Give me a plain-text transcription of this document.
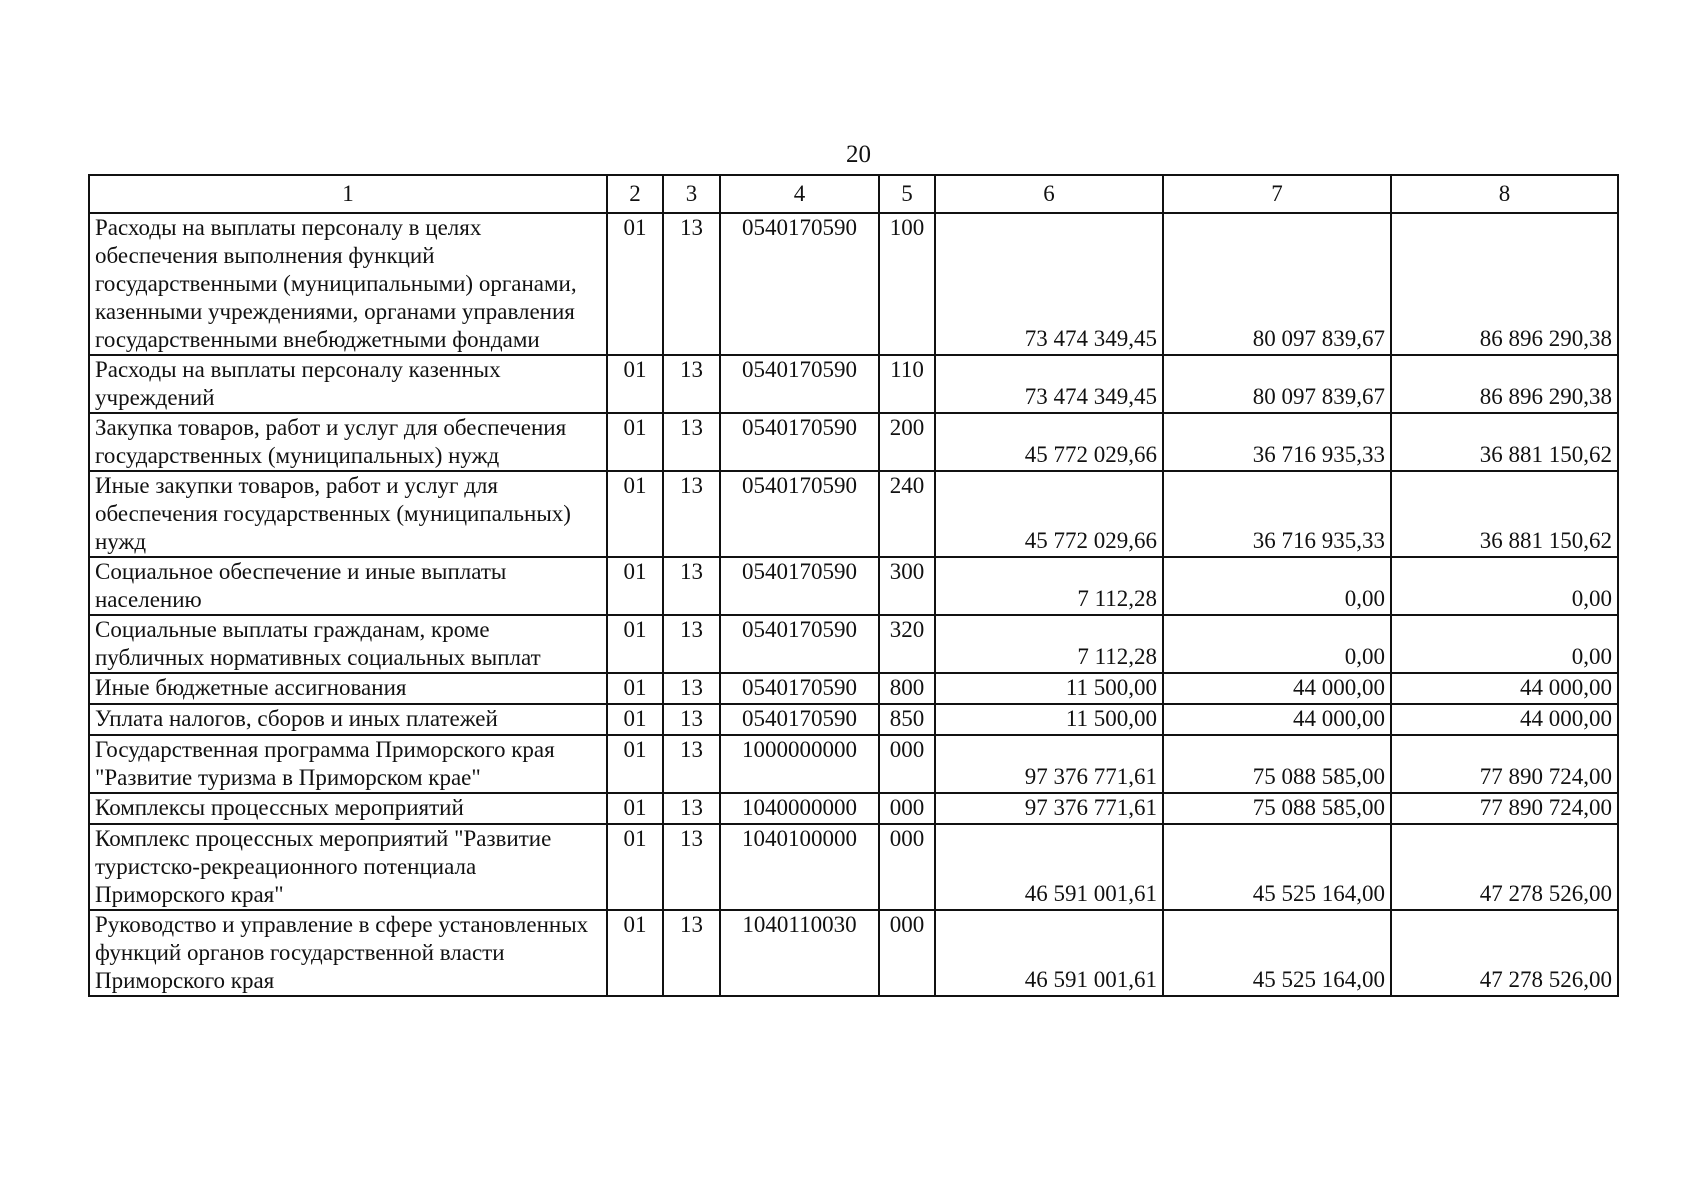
20
1	2	3	4	5	6	7	8
Расходы на выплаты персоналу в целях обеспечения выполнения функций государственными (муниципальными) органами, казенными учреждениями, органами управления государственными внебюджетными фондами	01	13	0540170590	100	73 474 349,45	80 097 839,67	86 896 290,38
Расходы на выплаты персоналу казенных учреждений	01	13	0540170590	110	73 474 349,45	80 097 839,67	86 896 290,38
Закупка товаров, работ и услуг для обеспечения государственных (муниципальных) нужд	01	13	0540170590	200	45 772 029,66	36 716 935,33	36 881 150,62
Иные закупки товаров, работ и услуг для обеспечения государственных (муниципальных) нужд	01	13	0540170590	240	45 772 029,66	36 716 935,33	36 881 150,62
Социальное обеспечение и иные выплаты населению	01	13	0540170590	300	7 112,28	0,00	0,00
Социальные выплаты гражданам, кроме публичных нормативных социальных выплат	01	13	0540170590	320	7 112,28	0,00	0,00
Иные бюджетные ассигнования	01	13	0540170590	800	11 500,00	44 000,00	44 000,00
Уплата налогов, сборов и иных платежей	01	13	0540170590	850	11 500,00	44 000,00	44 000,00
Государственная программа Приморского края "Развитие туризма в Приморском крае"	01	13	1000000000	000	97 376 771,61	75 088 585,00	77 890 724,00
Комплексы процессных мероприятий	01	13	1040000000	000	97 376 771,61	75 088 585,00	77 890 724,00
Комплекс процессных мероприятий "Развитие туристско-рекреационного потенциала Приморского края"	01	13	1040100000	000	46 591 001,61	45 525 164,00	47 278 526,00
Руководство и управление в сфере установленных функций органов государственной власти Приморского края	01	13	1040110030	000	46 591 001,61	45 525 164,00	47 278 526,00
